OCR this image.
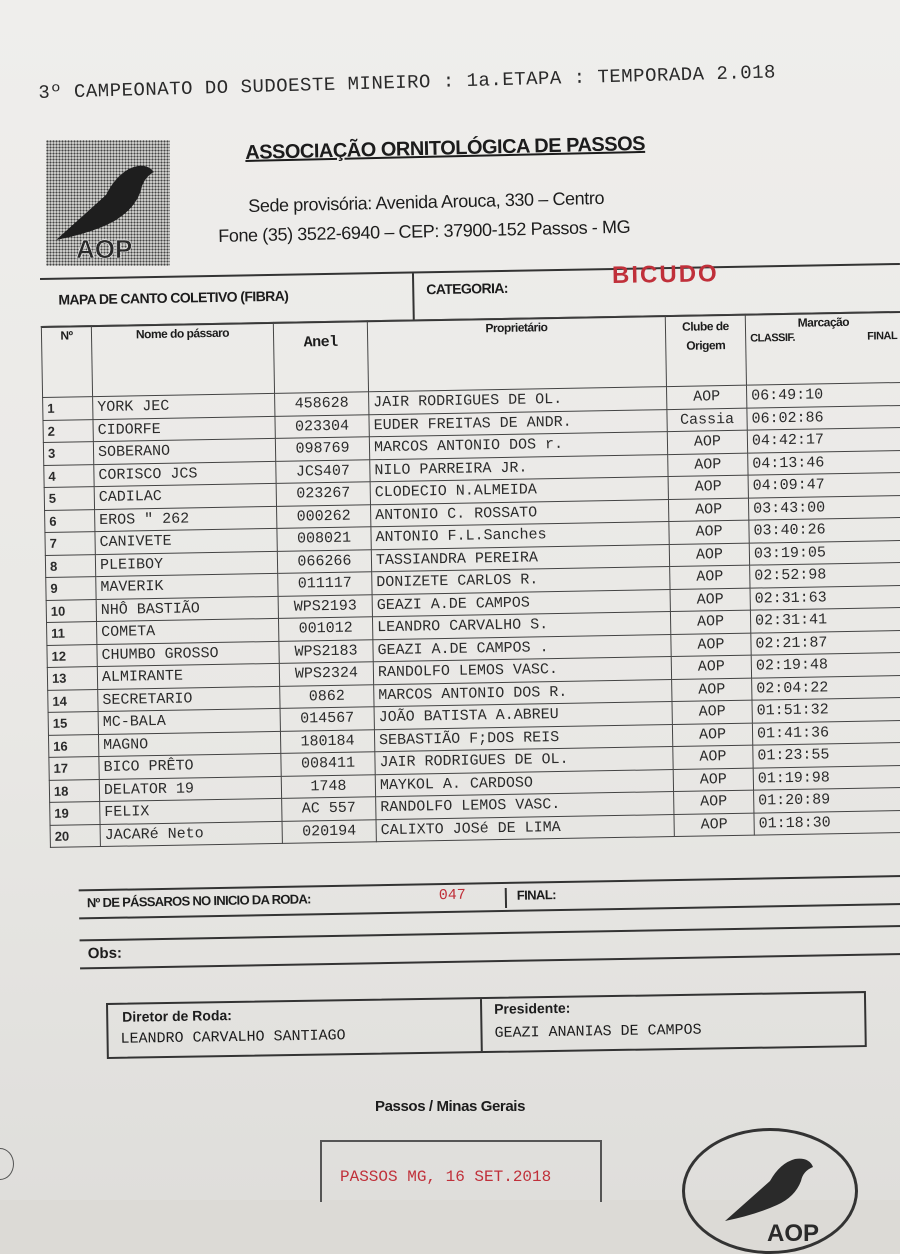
3º CAMPEONATO DO SUDOESTE MINEIRO : 1a.ETAPA : TEMPORADA 2.018
AOP
ASSOCIAÇÃO ORNITOLÓGICA DE PASSOS
Sede provisória: Avenida Arouca, 330 – Centro
Fone (35) 3522-6940 – CEP: 37900-152 Passos - MG
MAPA DE CANTO COLETIVO (FIBRA)	CATEGORIA:	BICUDO
Nº	Nome do pássaro	Anel	Proprietário	Clube de Origem	Marcação
CLASSIF. FINAL

1	YORK JEC	458628	JAIR RODRIGUES DE OL.	AOP	06:49:10
2	CIDORFE	023304	EUDER FREITAS DE ANDR.	Cassia	06:02:86
3	SOBERANO	098769	MARCOS ANTONIO DOS r.	AOP	04:42:17
4	CORISCO JCS	JCS407	NILO PARREIRA JR.	AOP	04:13:46
5	CADILAC	023267	CLODECIO N.ALMEIDA	AOP	04:09:47
6	EROS " 262	000262	ANTONIO C. ROSSATO	AOP	03:43:00
7	CANIVETE	008021	ANTONIO F.L.Sanches	AOP	03:40:26
8	PLEIBOY	066266	TASSIANDRA PEREIRA	AOP	03:19:05
9	MAVERIK	011117	DONIZETE CARLOS R.	AOP	02:52:98
10	NHÔ BASTIÃO	WPS2193	GEAZI A.DE CAMPOS	AOP	02:31:63
11	COMETA	001012	LEANDRO CARVALHO S.	AOP	02:31:41
12	CHUMBO GROSSO	WPS2183	GEAZI A.DE CAMPOS .	AOP	02:21:87
13	ALMIRANTE	WPS2324	RANDOLFO LEMOS VASC.	AOP	02:19:48
14	SECRETARIO	0862	MARCOS ANTONIO DOS R.	AOP	02:04:22
15	MC-BALA	014567	JOÃO BATISTA A.ABREU	AOP	01:51:32
16	MAGNO	180184	SEBASTIÃO F;DOS REIS	AOP	01:41:36
17	BICO PRÊTO	008411	JAIR RODRIGUES DE OL.	AOP	01:23:55
18	DELATOR 19	1748	MAYKOL A. CARDOSO	AOP	01:19:98
19	FELIX	AC 557	RANDOLFO LEMOS VASC.	AOP	01:20:89
20	JACARé Neto	020194	CALIXTO JOSé DE LIMA	AOP	01:18:30
Nº DE PÁSSAROS NO INICIO DA RODA:	047	FINAL:
Obs:
Diretor de Roda:
LEANDRO CARVALHO SANTIAGO
Presidente:
GEAZI ANANIAS DE CAMPOS
Passos / Minas Gerais
PASSOS MG, 16 SET.2018
AOP
